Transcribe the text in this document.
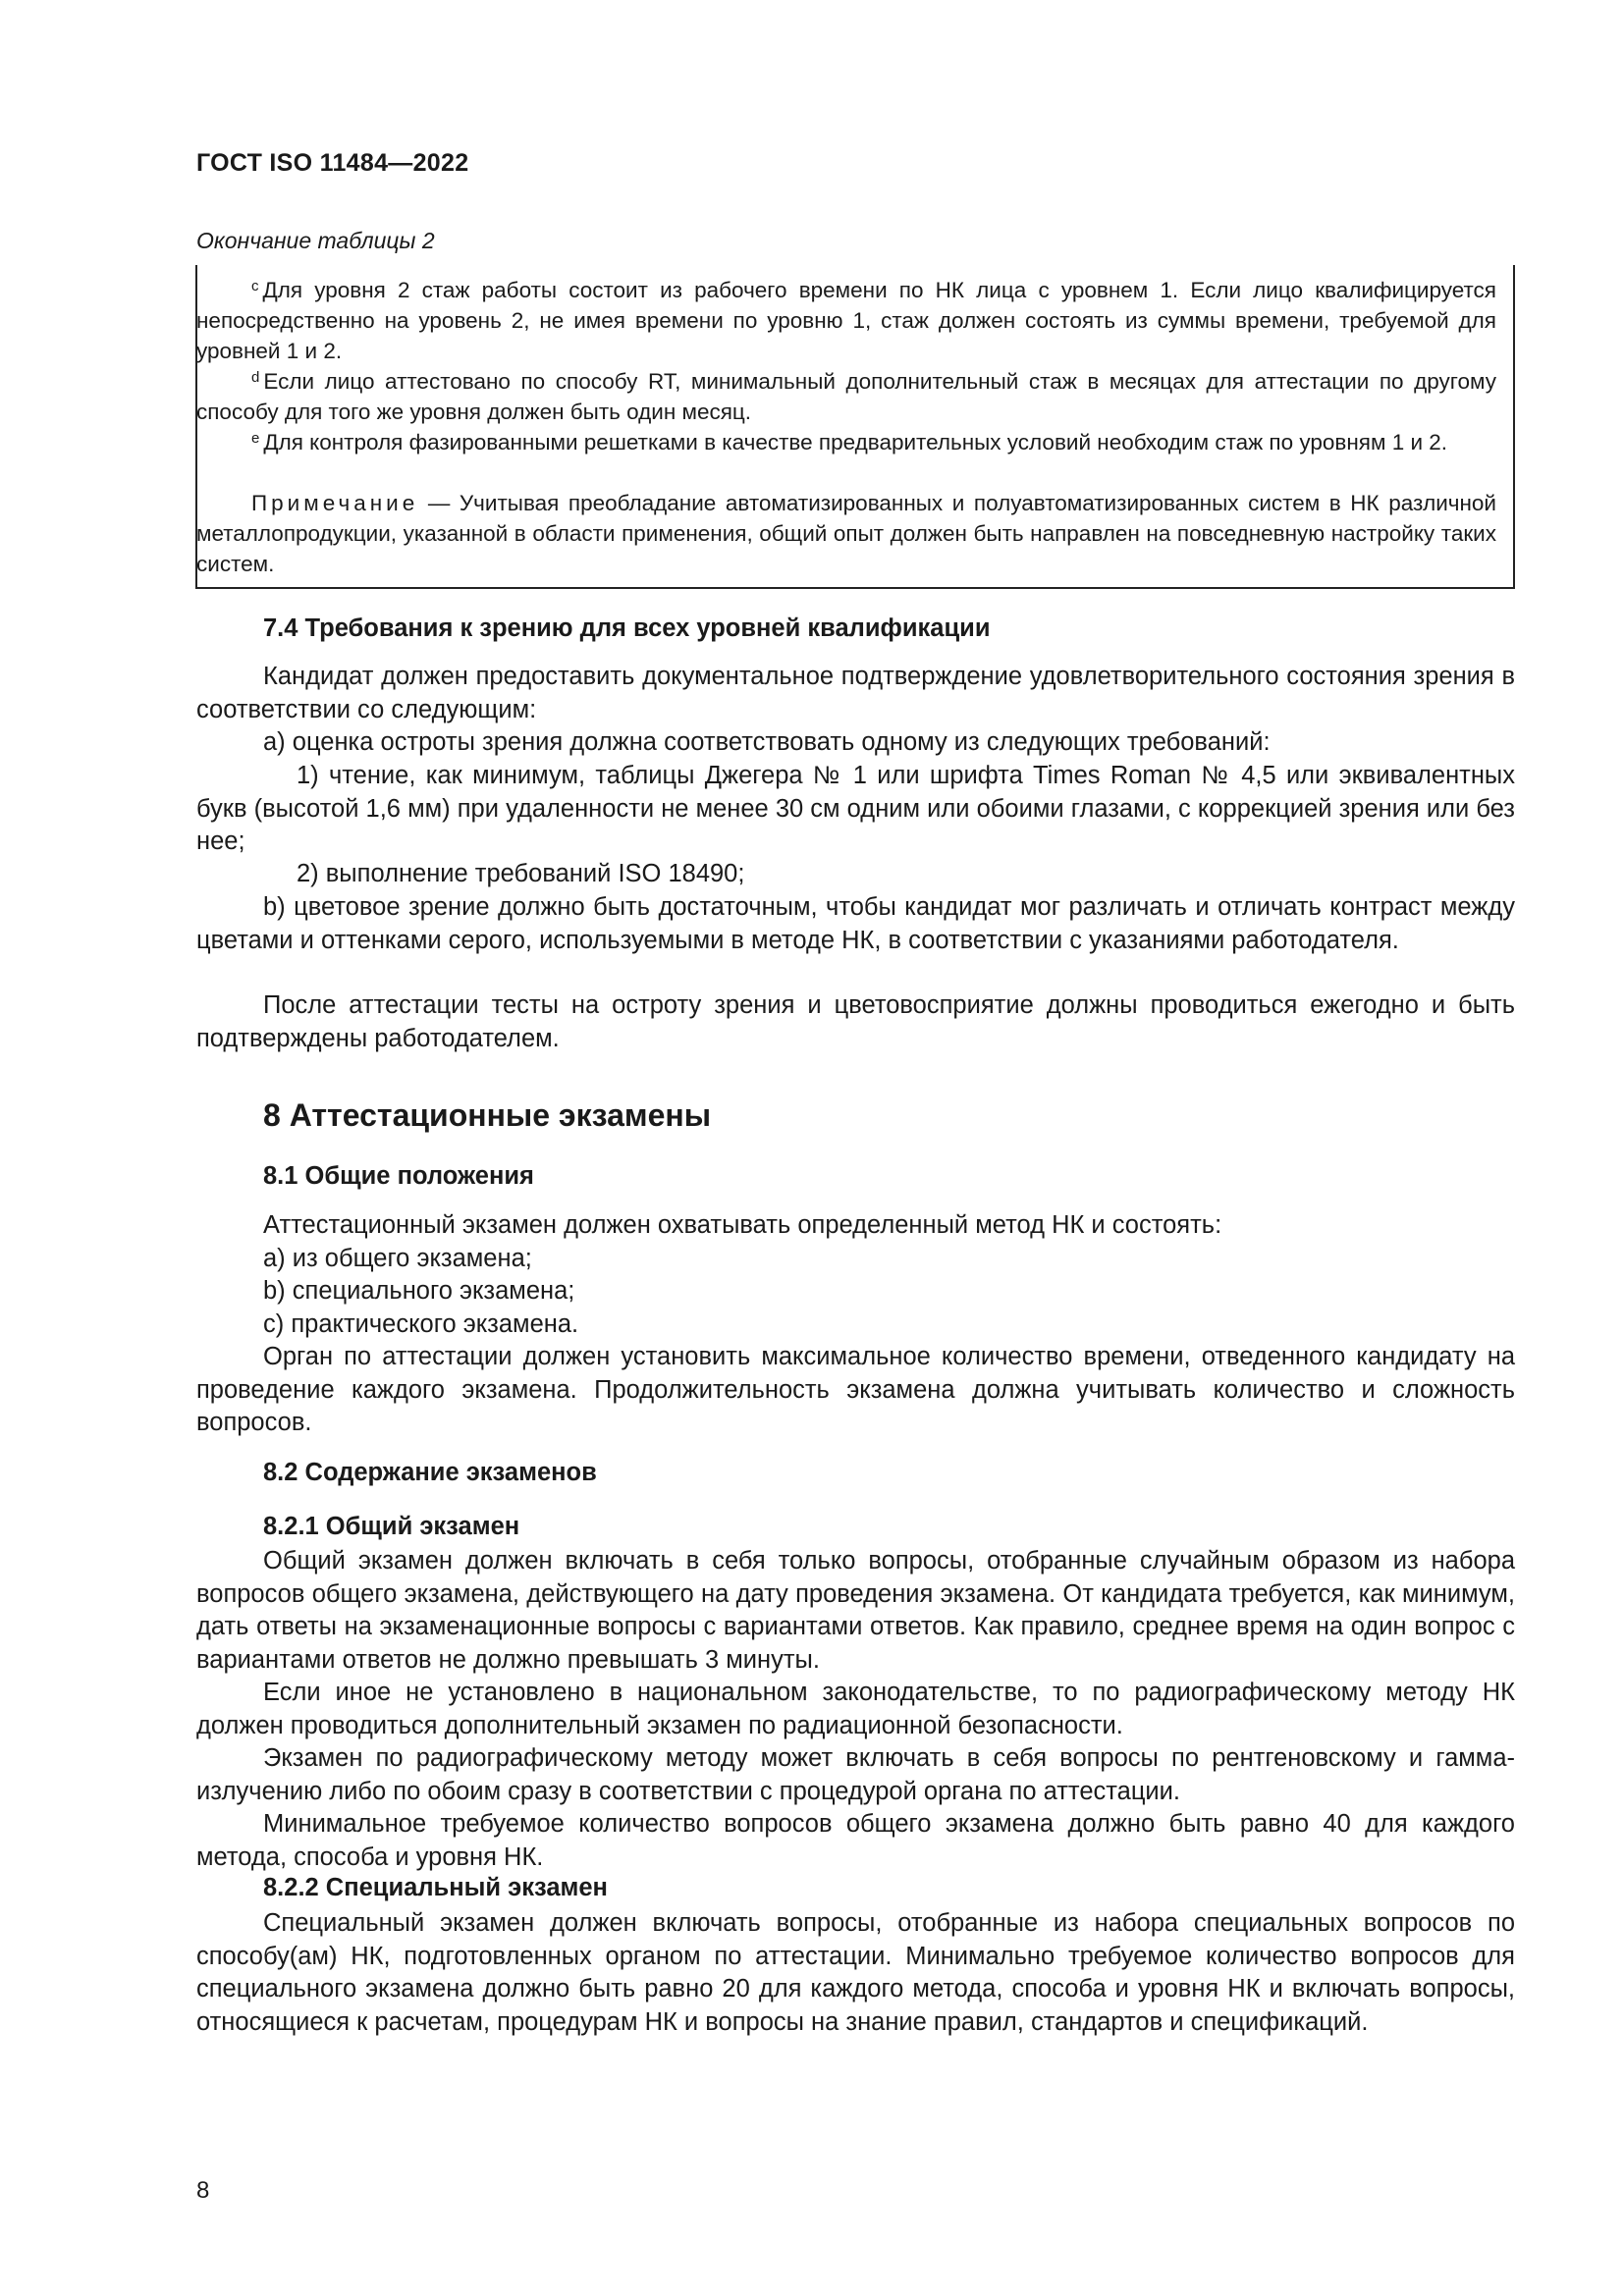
ГОСТ ISO 11484—2022
Окончание таблицы 2

$^c$ Для уровня 2 стаж работы состоит из рабочего времени по НК лица с уровнем 1. Если лицо квалифицируется непосредственно на уровень 2, не имея времени по уровню 1, стаж должен состоять из суммы времени, требуемой для уровней 1 и 2.

$^d$ Если лицо аттестовано по способу RT, минимальный дополнительный стаж в месяцах для аттестации по другому способу для того же уровня должен быть один месяц.

$^e$ Для контроля фазированными решетками в качестве предварительных условий необходим стаж по уровням 1 и 2.

Примечание — Учитывая преобладание автоматизированных и полуавтоматизированных систем в НК различной металлопродукции, указанной в области применения, общий опыт должен быть направлен на повседневную настройку таких систем.

7.4 Требования к зрению для всех уровней квалификации

Кандидат должен предоставить документальное подтверждение удовлетворительного состояния зрения в соответствии со следующим:

а) оценка остроты зрения должна соответствовать одному из следующих требований:

1) чтение, как минимум, таблицы Джегера № 1 или шрифта Times Roman № 4,5 или эквивалентных букв (высотой 1,6 мм) при удаленности не менее 30 см одним или обоими глазами, с коррекцией зрения или без нее;

2) выполнение требований ISO 18490;

b) цветовое зрение должно быть достаточным, чтобы кандидат мог различать и отличать контраст между цветами и оттенками серого, используемыми в методе НК, в соответствии с указаниями работодателя.

После аттестации тесты на остроту зрения и цветовосприятие должны проводиться ежегодно и быть подтверждены работодателем.

8 Аттестационные экзамены
8.1 Общие положения

Аттестационный экзамен должен охватывать определенный метод НК и состоять:

а) из общего экзамена;

b) специального экзамена;

с) практического экзамена.

Орган по аттестации должен установить максимальное количество времени, отведенного кандидату на проведение каждого экзамена. Продолжительность экзамена должна учитывать количество и сложность вопросов.

8.2 Содержание экзаменов
8.2.1 Общий экзамен

Общий экзамен должен включать в себя только вопросы, отобранные случайным образом из набора вопросов общего экзамена, действующего на дату проведения экзамена. От кандидата требуется, как минимум, дать ответы на экзаменационные вопросы с вариантами ответов. Как правило, среднее время на один вопрос с вариантами ответов не должно превышать 3 минуты.

Если иное не установлено в национальном законодательстве, то по радиографическому методу НК должен проводиться дополнительный экзамен по радиационной безопасности.

Экзамен по радиографическому методу может включать в себя вопросы по рентгеновскому и гамма-излучению либо по обоим сразу в соответствии с процедурой органа по аттестации.

Минимальное требуемое количество вопросов общего экзамена должно быть равно 40 для каждого метода, способа и уровня НК.

8.2.2 Специальный экзамен

Специальный экзамен должен включать вопросы, отобранные из набора специальных вопросов по способу(ам) НК, подготовленных органом по аттестации. Минимально требуемое количество вопросов для специального экзамена должно быть равно 20 для каждого метода, способа и уровня НК и включать вопросы, относящиеся к расчетам, процедурам НК и вопросы на знание правил, стандартов и спецификаций.

8
